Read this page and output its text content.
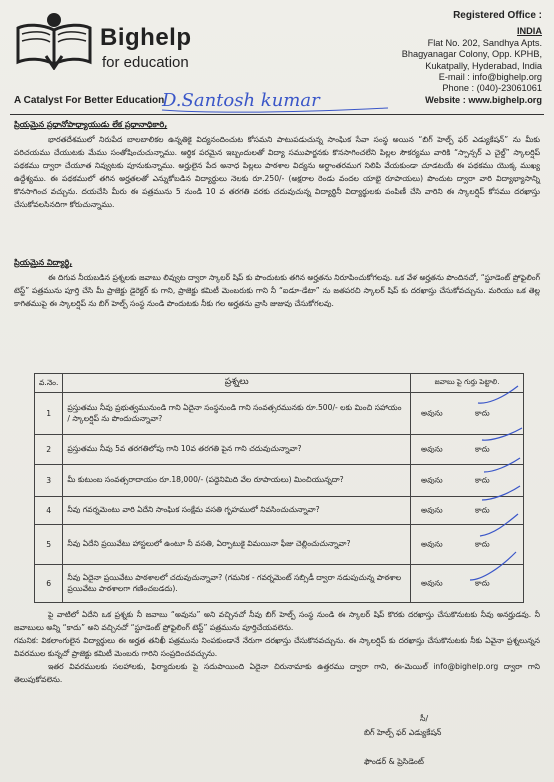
Bighelp
for education
A Catalyst For Better Education
Registered Office :
INDIA
Flat No. 202, Sandhya Apts.
Bhagyanagar Colony, Opp. KPHB,
Kukatpally, Hyderabad, India
E-mail : info@bighelp.org
Phone : (040)-23061061
Website : www.bighelp.org
D.Santosh kumar
ప్రియమైన ప్రధానోపాధ్యాయుడు లేక ప్రధానాధికారి,
భారతదేశములో నిరుపేద బాలబాలికల ఉన్నతికై విద్యనందించుట కోసమని పాటుపడుచున్న సాంఘిక సేవా సంస్థ అయిన “బిగ్ హెల్ప్ ఫర్ ఎడ్యుకేషన్” ను మీకు పరిచయము చేయుటకు మేము సంతోషించుచున్నాము. ఆర్థిక పరమైన ఇబ్బందులతో విద్యా సముపార్జనకు కొనసాగించలేని పిల్లల సౌకర్యము వారికి “స్పాన్సర్ ఎ చైల్డ్” స్కాలర్షిప్ పథకము ద్వారా చేయూత నివ్వుటకు పూనుకున్నాము. అర్హులైన పేద అనాధ పిల్లలు పాఠశాల విద్యను అర్థాంతరముగ నిలిపి వేయకుండా చూడటయే ఈ పథకము యొక్క ముఖ్య ఉద్దేశ్యము. ఈ పథకములో తగిన అర్హతలతో ఎన్నుకోబడిన విద్యార్థులు నెలకు రూ.250/- (అక్షరాల రెండు వందల యాభై రూపాయలు) పొందుట ద్వారా వారి విద్యాభ్యాసాన్ని కొనసాగించ వచ్చును. దయచేసి మీరు ఈ పత్రమును 5 నుండి 10 వ తరగతి వరకు చదువుచున్న విద్యార్థినీ విద్యార్థులకు పంపిణీ చేసి వారిని ఈ స్కాలర్షిప్ కోసము దరఖాస్తు చేసుకోవలసినదిగా కోరుచున్నాము.
ప్రియమైన విద్యార్థి,
ఈ దిగువ నీయబడిన ప్రశ్నలకు జవాబు లివ్వుట ద్వారా స్కాలర్ షిప్ కు పొందుటకు తగిన అర్హతను నిరూపించుకోగలవు. ఒక వేళ అర్హతను పొందినచో, “స్టూడెంట్ ప్రోఫైలింగ్ టెస్ట్” పత్రమును పూర్తి చేసి మీ ప్రాజెక్టు డైరెక్టర్ కు గాని, ప్రాజెక్టు కమిటీ మెంబరుకు గాని నీ “ఐడూ-డేటా” ను జతపరచి స్కాలర్ షిప్ కు దరఖాస్తు చేసుకోవచ్చును. మరియు ఒక తెల్ల కాగితముపై ఈ స్కాలర్షిప్ ను బిగ్ హెల్ప్ సంస్థ నుండి పొందుటకు నీకు గల అర్హతను వ్రాసి జుజువు చేసుకోగలవు.
వ.నెం.	ప్రశ్నలు	జవాబు పై గుర్తు పెట్టాలి.
1	ప్రస్తుతము నీవు ప్రభుత్వమునుండి గాని ఏదైనా సంస్థనుండి గాని సంవత్సరమునకు రూ.500/- లకు మించి సహాయం / స్కాలర్షిప్ ను పొందుచున్నావా?	అవును కాదు

2	ప్రస్తుతము నీవు 5వ తరగతిలోపు గాని 10వ తరగతి పైన గాని చదువుచున్నావా?	అవును కాదు

3	మీ కుటుంబ సంవత్సరాదాయం రూ.18,000/- (పద్దెనిమిది వేల రూపాయలు) మించియున్నదా?	అవును కాదు

4	నీవు గవర్నమెంటు వారి ఏదేని సాంఘిక సంక్షేమ వసతి గృహములో నివసించుచున్నావా?	అవును కాదు

5	నీవు ఏదేని ప్రయివేటు హాస్టలులో ఉంటూ నీ వసతి, ఏర్పాటుకై విమయినా ఫీజు చెల్లించుచున్నావా?	అవును కాదు

6	నీవు ఏదైనా ప్రయివేటు పాఠశాలలో చదువుచున్నావా? (గమనిక - గవర్నమెంట్ సబ్సిడీ ద్వారా నడుపుచున్న పాఠశాల ప్రయివేటు పాఠశాలగా గణించబడదు).	అవును కాదు
పై వాటిలో ఏదేని ఒక ప్రశ్నకు నీ జవాబు “అవును” అని వచ్చినచో నీవు బిగ్ హెల్ప్ సంస్థ నుండి ఈ స్కాలర్ షిప్ కొరకు దరఖాస్తు చేసుకొనుటకు నీవు అనర్హుడవు. నీ జవాబులు అన్ని “కాదు” అని వచ్చినచో “స్టూడెంట్ ప్రోఫైలింగ్ టెస్ట్” పత్రమును పూర్తిచేయవలెను.
గమనిక: వికలాంగులైన విద్యార్థులు ఈ అర్హత తనిఖీ పత్రమును నింపకుండానే నేరుగా దరఖాస్తు చేసుకొనవచ్చును. ఈ స్కాలర్షిప్ కు దరఖాస్తు చేసుకొనుటకు నీకు ఏవైనా ప్రశ్నలున్నన వివరముల కున్నచో ప్రాజెక్టు కమిటీ మెంబరు గారిని సంప్రదించవచ్చును.
ఇతర వివరములకు సలహాలకు, ఫిర్యాదులకు పై సదుపాయింది ఏదైనా చిరునామాకు ఉత్తరము ద్వారా గాని, ఈ-మెయిల్ info@bighelp.org ద్వారా గాని తెలుపుకోవలెను.
సీ/
బిగ్ హెల్ప్ ఫర్ ఎడ్యుకేషన్
ఫౌండర్ & ప్రెసిడెంట్
